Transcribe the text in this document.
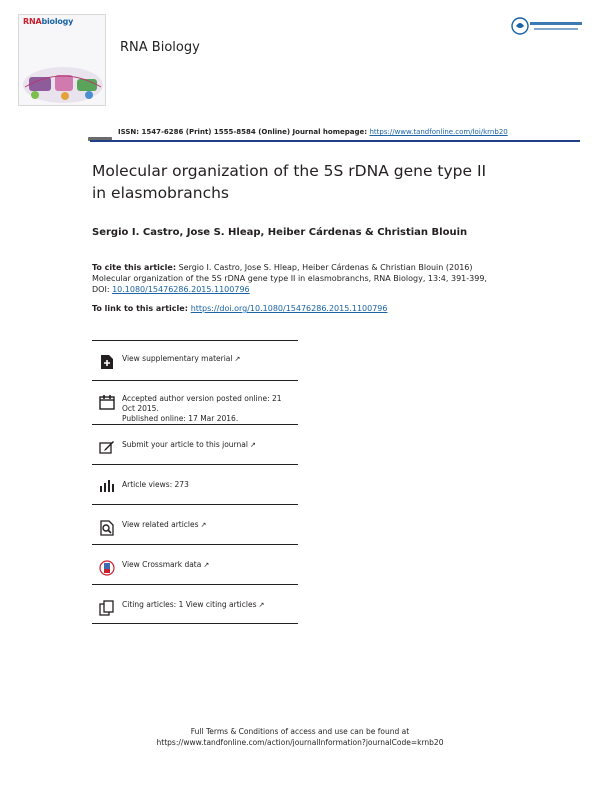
RNAbiology
RNA Biology
ISSN: 1547-6286 (Print) 1555-8584 (Online) Journal homepage: https://www.tandfonline.com/loi/krnb20
Molecular organization of the 5S rDNA gene type II
in elasmobranchs
Sergio I. Castro, Jose S. Hleap, Heiber Cárdenas & Christian Blouin
To cite this article: Sergio I. Castro, Jose S. Hleap, Heiber Cárdenas & Christian Blouin (2016)
Molecular organization of the 5S rDNA gene type II in elasmobranchs, RNA Biology, 13:4, 391-399,
DOI: 10.1080/15476286.2015.1100796
To link to this article: https://doi.org/10.1080/15476286.2015.1100796
View supplementary material ↗
Accepted author version posted online: 21
Oct 2015.
Published online: 17 Mar 2016.
Submit your article to this journal ↗
Article views: 273
View related articles ↗
View Crossmark data ↗
Citing articles: 1 View citing articles ↗
Full Terms & Conditions of access and use can be found at
https://www.tandfonline.com/action/journalInformation?journalCode=krnb20
